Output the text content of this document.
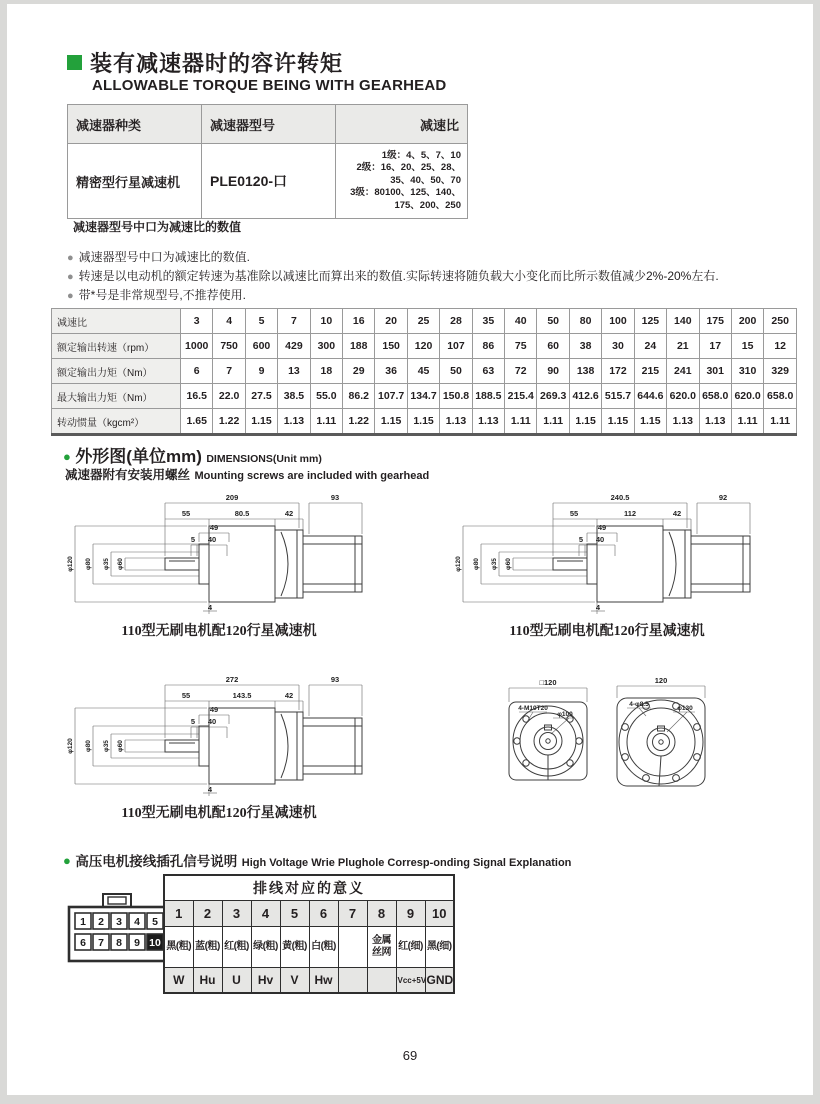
装有减速器时的容许转矩
ALLOWABLE TORQUE BEING WITH GEARHEAD
减速器种类	减速器型号	减速比
精密型行星减速机	PLE0120-口	1级：4、5、7、10
2级：16、20、25、28、
35、40、50、70
3级：80100、125、140、
175、200、250
减速器型号中口为减速比的数值
● 减速器型号中口为减速比的数值.
● 转速是以电动机的额定转速为基准除以减速比而算出来的数值.实际转速将随负载大小变化而比所示数值减少2%-20%左右.
● 带*号是非常规型号,不推荐使用.
减速比	3	4	5	7	10	16	20	25	28	35	40	50	80	100	125	140	175	200	250
额定输出转速（rpm）	1000	750	600	429	300	188	150	120	107	86	75	60	38	30	24	21	17	15	12
额定输出力矩（Nm）	6	7	9	13	18	29	36	45	50	63	72	90	138	172	215	241	301	310	329
最大输出力矩（Nm）	16.5	22.0	27.5	38.5	55.0	86.2	107.7	134.7	150.8	188.5	215.4	269.3	412.6	515.7	644.6	620.0	658.0	620.0	658.0
转动惯量（kgcm²）	1.65	1.22	1.15	1.13	1.11	1.22	1.15	1.15	1.13	1.13	1.11	1.11	1.15	1.15	1.15	1.13	1.13	1.11	1.11
● 外形图(单位mm) DIMENSIONS(Unit mm)
减速器附有安装用螺丝 Mounting screws are included with gearhead
209	93
55	80.5	42
49
5 40
φ120 φ80 φ35 φ60
4
110型无刷电机配120行星减速机
240.5	92
55	112	42
49
5 40
φ120 φ80 φ35 φ60
4
110型无刷电机配120行星减速机
272	93
55	143.5	42
49
5 40
φ120 φ80 φ35 φ60
4
110型无刷电机配120行星减速机
□120
4-M10T20
φ100
120
4-φ8.5
φ130
● 高压电机接线插孔信号说明 High Voltage Wrie Plughole Corresp-onding Signal Explanation
1 2 3 4 5
6 7 8 9 10
排线对应的意义									
1	2	3	4	5	6	7	8	9	10
黑(粗)	蓝(粗)	红(粗)	绿(粗)	黄(粗)	白(粗)		金属丝网	红(细)	黑(细)
W	Hu	U	Hv	V	Hw			Vcc+5V	GND
69
